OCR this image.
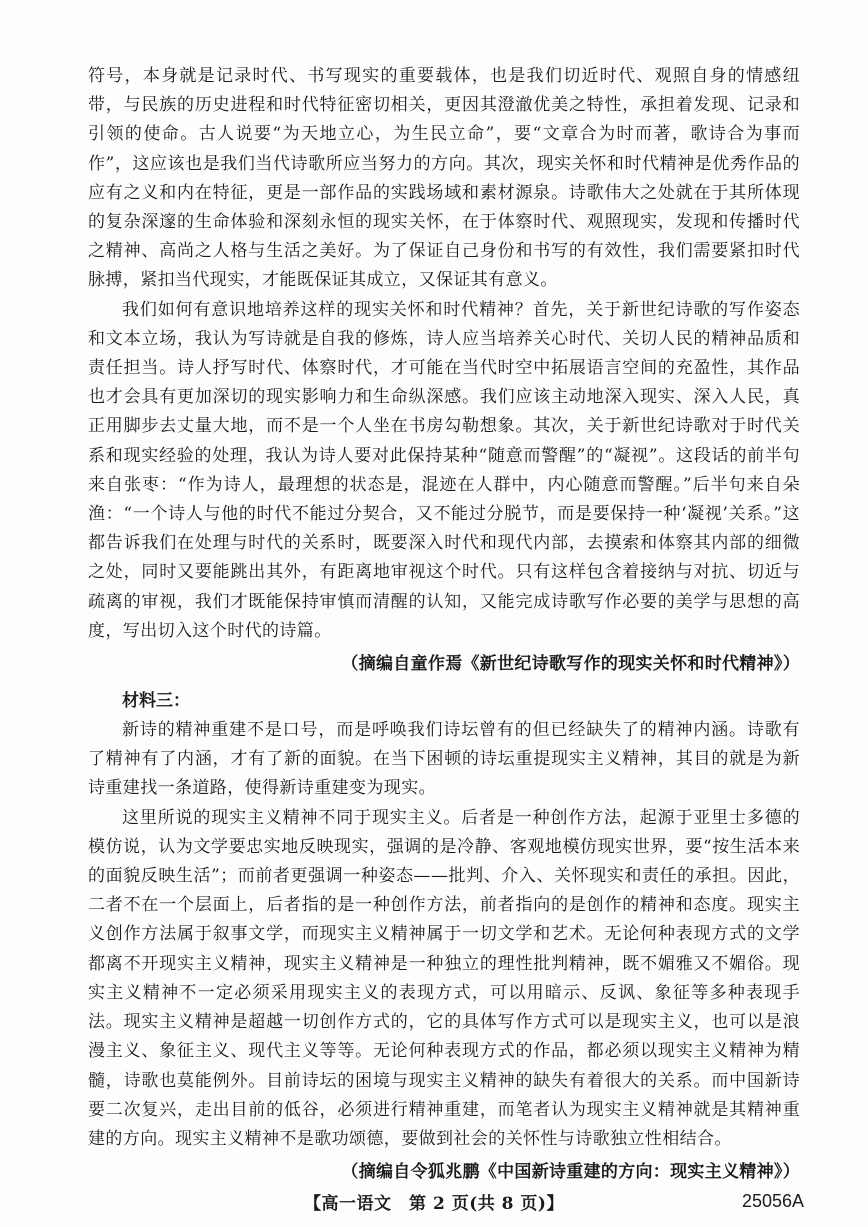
符号，本身就是记录时代、书写现实的重要载体，也是我们切近时代、观照自身的情感纽带，与民族的历史进程和时代特征密切相关，更因其澄澈优美之特性，承担着发现、记录和引领的使命。古人说要“为天地立心，为生民立命”，要“文章合为时而著，歌诗合为事而作”，这应该也是我们当代诗歌所应当努力的方向。其次，现实关怀和时代精神是优秀作品的应有之义和内在特征，更是一部作品的实践场域和素材源泉。诗歌伟大之处就在于其所体现的复杂深邃的生命体验和深刻永恒的现实关怀，在于体察时代、观照现实，发现和传播时代之精神、高尚之人格与生活之美好。为了保证自己身份和书写的有效性，我们需要紧扣时代脉搏，紧扣当代现实，才能既保证其成立，又保证其有意义。

我们如何有意识地培养这样的现实关怀和时代精神？首先，关于新世纪诗歌的写作姿态和文本立场，我认为写诗就是自我的修炼，诗人应当培养关心时代、关切人民的精神品质和责任担当。诗人抒写时代、体察时代，才可能在当代时空中拓展语言空间的充盈性，其作品也才会具有更加深切的现实影响力和生命纵深感。我们应该主动地深入现实、深入人民，真正用脚步去丈量大地，而不是一个人坐在书房勾勒想象。其次，关于新世纪诗歌对于时代关系和现实经验的处理，我认为诗人要对此保持某种“随意而警醒”的“凝视”。这段话的前半句来自张枣：“作为诗人，最理想的状态是，混迹在人群中，内心随意而警醒。”后半句来自朵渔：“一个诗人与他的时代不能过分契合，又不能过分脱节，而是要保持一种‘凝视’关系。”这都告诉我们在处理与时代的关系时，既要深入时代和现代内部，去摸索和体察其内部的细微之处，同时又要能跳出其外，有距离地审视这个时代。只有这样包含着接纳与对抗、切近与疏离的审视，我们才既能保持审慎而清醒的认知，又能完成诗歌写作必要的美学与思想的高度，写出切入这个时代的诗篇。

（摘编自童作焉《新世纪诗歌写作的现实关怀和时代精神》）

材料三：

新诗的精神重建不是口号，而是呼唤我们诗坛曾有的但已经缺失了的精神内涵。诗歌有了精神有了内涵，才有了新的面貌。在当下困顿的诗坛重提现实主义精神，其目的就是为新诗重建找一条道路，使得新诗重建变为现实。

这里所说的现实主义精神不同于现实主义。后者是一种创作方法，起源于亚里士多德的模仿说，认为文学要忠实地反映现实，强调的是冷静、客观地模仿现实世界，要“按生活本来的面貌反映生活”；而前者更强调一种姿态——批判、介入、关怀现实和责任的承担。因此，二者不在一个层面上，后者指的是一种创作方法，前者指向的是创作的精神和态度。现实主义创作方法属于叙事文学，而现实主义精神属于一切文学和艺术。无论何种表现方式的文学都离不开现实主义精神，现实主义精神是一种独立的理性批判精神，既不媚雅又不媚俗。现实主义精神不一定必须采用现实主义的表现方式，可以用暗示、反讽、象征等多种表现手法。现实主义精神是超越一切创作方式的，它的具体写作方式可以是现实主义，也可以是浪漫主义、象征主义、现代主义等等。无论何种表现方式的作品，都必须以现实主义精神为精髓，诗歌也莫能例外。目前诗坛的困境与现实主义精神的缺失有着很大的关系。而中国新诗要二次复兴，走出目前的低谷，必须进行精神重建，而笔者认为现实主义精神就是其精神重建的方向。现实主义精神不是歌功颂德，要做到社会的关怀性与诗歌独立性相结合。

（摘编自令狐兆鹏《中国新诗重建的方向：现实主义精神》）

【高一语文　第 2 页(共 8 页)】	25056A
